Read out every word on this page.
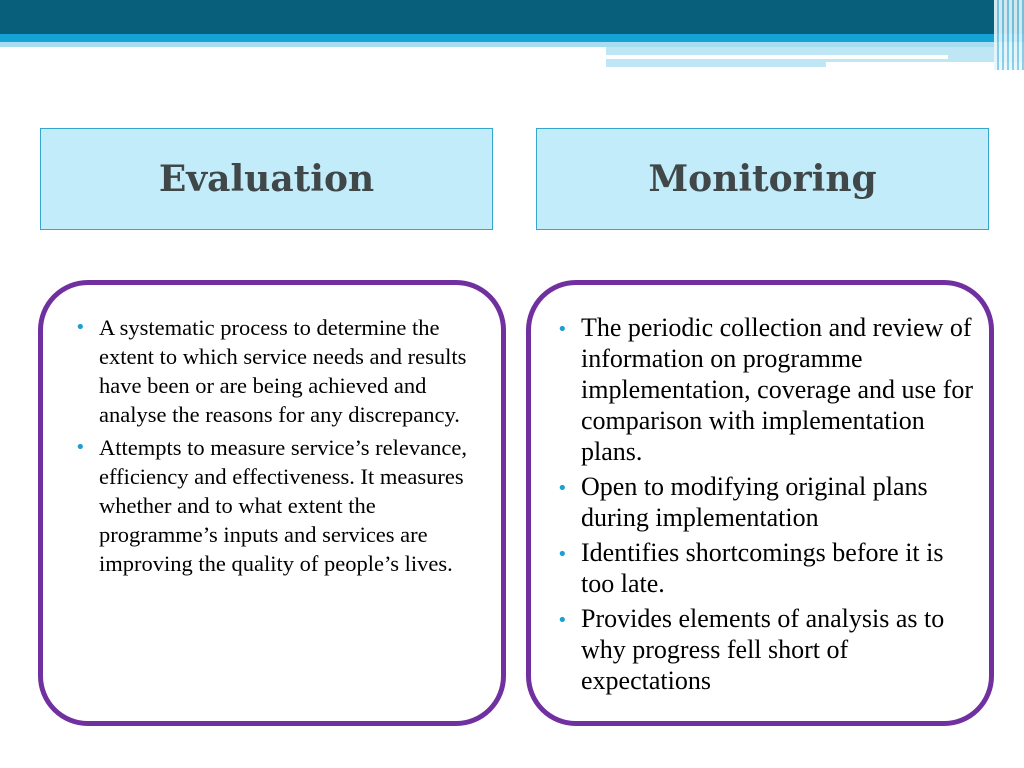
Evaluation	Monitoring
• A systematic process to determine the extent to which service needs and results have been or are being achieved and analyse the reasons for any discrepancy.
• Attempts to measure service’s relevance, efficiency and effectiveness. It measures whether and to what extent the programme’s inputs and services are improving the quality of people’s lives.
• The periodic collection and review of information on programme implementation, coverage and use for comparison with implementation plans.
• Open to modifying original plans during implementation
• Identifies shortcomings before it is too late.
• Provides elements of analysis as to why progress fell short of expectations
